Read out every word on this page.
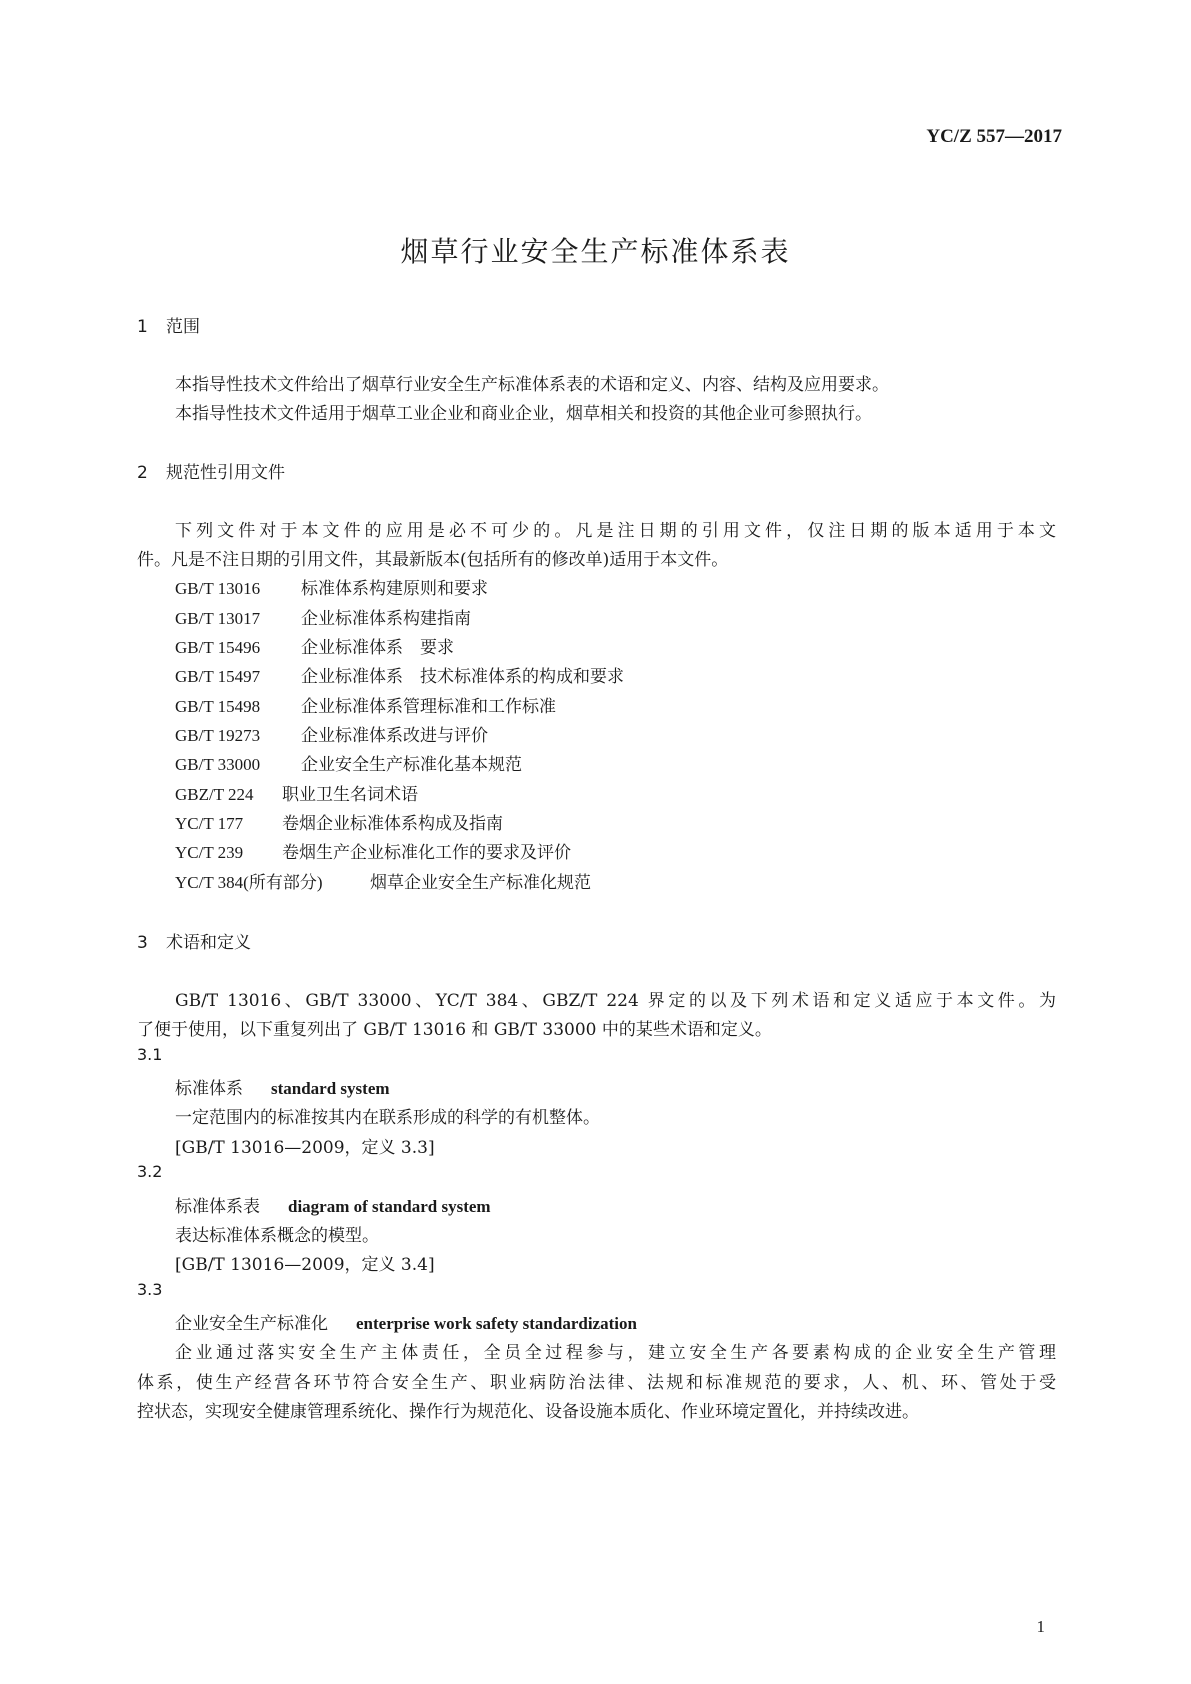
YC/Z 557—2017
烟草行业安全生产标准体系表
1 范围
本指导性技术文件给出了烟草行业安全生产标准体系表的术语和定义、内容、结构及应用要求。
本指导性技术文件适用于烟草工业企业和商业企业，烟草相关和投资的其他企业可参照执行。
2 规范性引用文件
下列文件对于本文件的应用是必不可少的。凡是注日期的引用文件，仅注日期的版本适用于本文
件。凡是不注日期的引用文件，其最新版本(包括所有的修改单)适用于本文件。
GB/T 13016 标准体系构建原则和要求
GB/T 13017 企业标准体系构建指南
GB/T 15496 企业标准体系　要求
GB/T 15497 企业标准体系　技术标准体系的构成和要求
GB/T 15498 企业标准体系管理标准和工作标准
GB/T 19273 企业标准体系改进与评价
GB/T 33000 企业安全生产标准化基本规范
GBZ/T 224 职业卫生名词术语
YC/T 177 卷烟企业标准体系构成及指南
YC/T 239 卷烟生产企业标准化工作的要求及评价
YC/T 384(所有部分)	烟草企业安全生产标准化规范
3 术语和定义
GB/T 13016、GB/T 33000、YC/T 384、GBZ/T 224 界定的以及下列术语和定义适应于本文件。为
了便于使用，以下重复列出了 GB/T 13016 和 GB/T 33000 中的某些术语和定义。
3.1
标准体系 standard system
一定范围内的标准按其内在联系形成的科学的有机整体。
[GB/T 13016—2009，定义 3.3]
3.2
标准体系表 diagram of standard system
表达标准体系概念的模型。
[GB/T 13016—2009，定义 3.4]
3.3
企业安全生产标准化 enterprise work safety standardization
企业通过落实安全生产主体责任，全员全过程参与，建立安全生产各要素构成的企业安全生产管理
体系，使生产经营各环节符合安全生产、职业病防治法律、法规和标准规范的要求，人、机、环、管处于受
控状态，实现安全健康管理系统化、操作行为规范化、设备设施本质化、作业环境定置化，并持续改进。
1
